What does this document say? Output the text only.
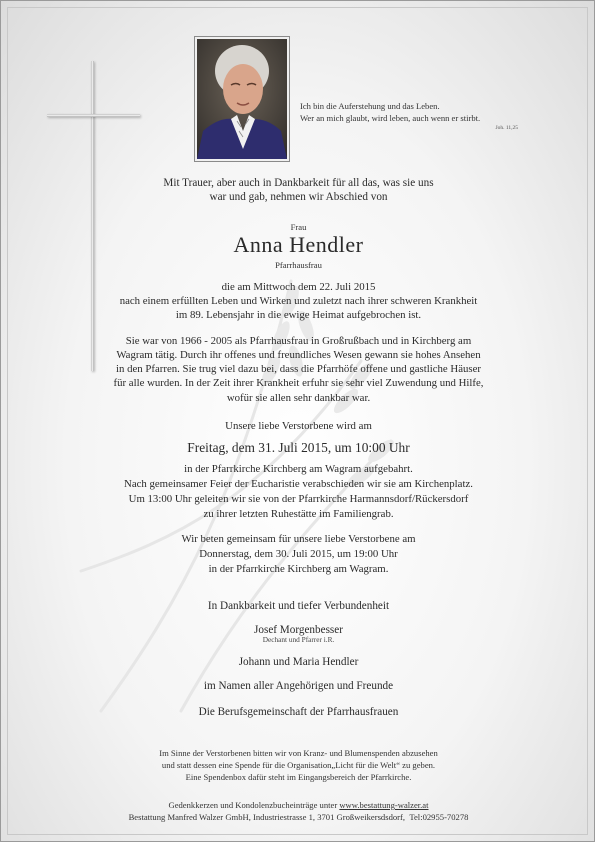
Ich bin die Auferstehung und das Leben.
Wer an mich glaubt, wird leben, auch wenn er stirbt.
Joh. 11,25
Mit Trauer, aber auch in Dankbarkeit für all das, was sie uns
war und gab, nehmen wir Abschied von
Frau
Anna Hendler
Pfarrhausfrau
die am Mittwoch dem 22. Juli 2015
nach einem erfüllten Leben und Wirken und zuletzt nach ihrer schweren Krankheit
im 89. Lebensjahr in die ewige Heimat aufgebrochen ist.
Sie war von 1966 - 2005 als Pfarrhausfrau in Großrußbach und in Kirchberg am
Wagram tätig. Durch ihr offenes und freundliches Wesen gewann sie hohes Ansehen
in den Pfarren. Sie trug viel dazu bei, dass die Pfarrhöfe offene und gastliche Häuser
für alle wurden. In der Zeit ihrer Krankheit erfuhr sie sehr viel Zuwendung und Hilfe,
wofür sie allen sehr dankbar war.
Unsere liebe Verstorbene wird am
Freitag, dem 31. Juli 2015, um 10:00 Uhr
in der Pfarrkirche Kirchberg am Wagram aufgebahrt.
Nach gemeinsamer Feier der Eucharistie verabschieden wir sie am Kirchenplatz.
Um 13:00 Uhr geleiten wir sie von der Pfarrkirche Harmannsdorf/Rückersdorf
zu ihrer letzten Ruhestätte im Familiengrab.
Wir beten gemeinsam für unsere liebe Verstorbene am
Donnerstag, dem 30. Juli 2015, um 19:00 Uhr
in der Pfarrkirche Kirchberg am Wagram.
In Dankbarkeit und tiefer Verbundenheit
Josef Morgenbesser
Dechant und Pfarrer i.R.
Johann und Maria Hendler
im Namen aller Angehörigen und Freunde
Die Berufsgemeinschaft der Pfarrhausfrauen
Im Sinne der Verstorbenen bitten wir von Kranz- und Blumenspenden abzusehen
und statt dessen eine Spende für die Organisation„Licht für die Welt“ zu geben.
Eine Spendenbox dafür steht im Eingangsbereich der Pfarrkirche.
Gedenkkerzen und Kondolenzbucheinträge unter www.bestattung-walzer.at
Bestattung Manfred Walzer GmbH, Industriestrasse 1, 3701 Großweikersdsdorf, Tel:02955-70278
